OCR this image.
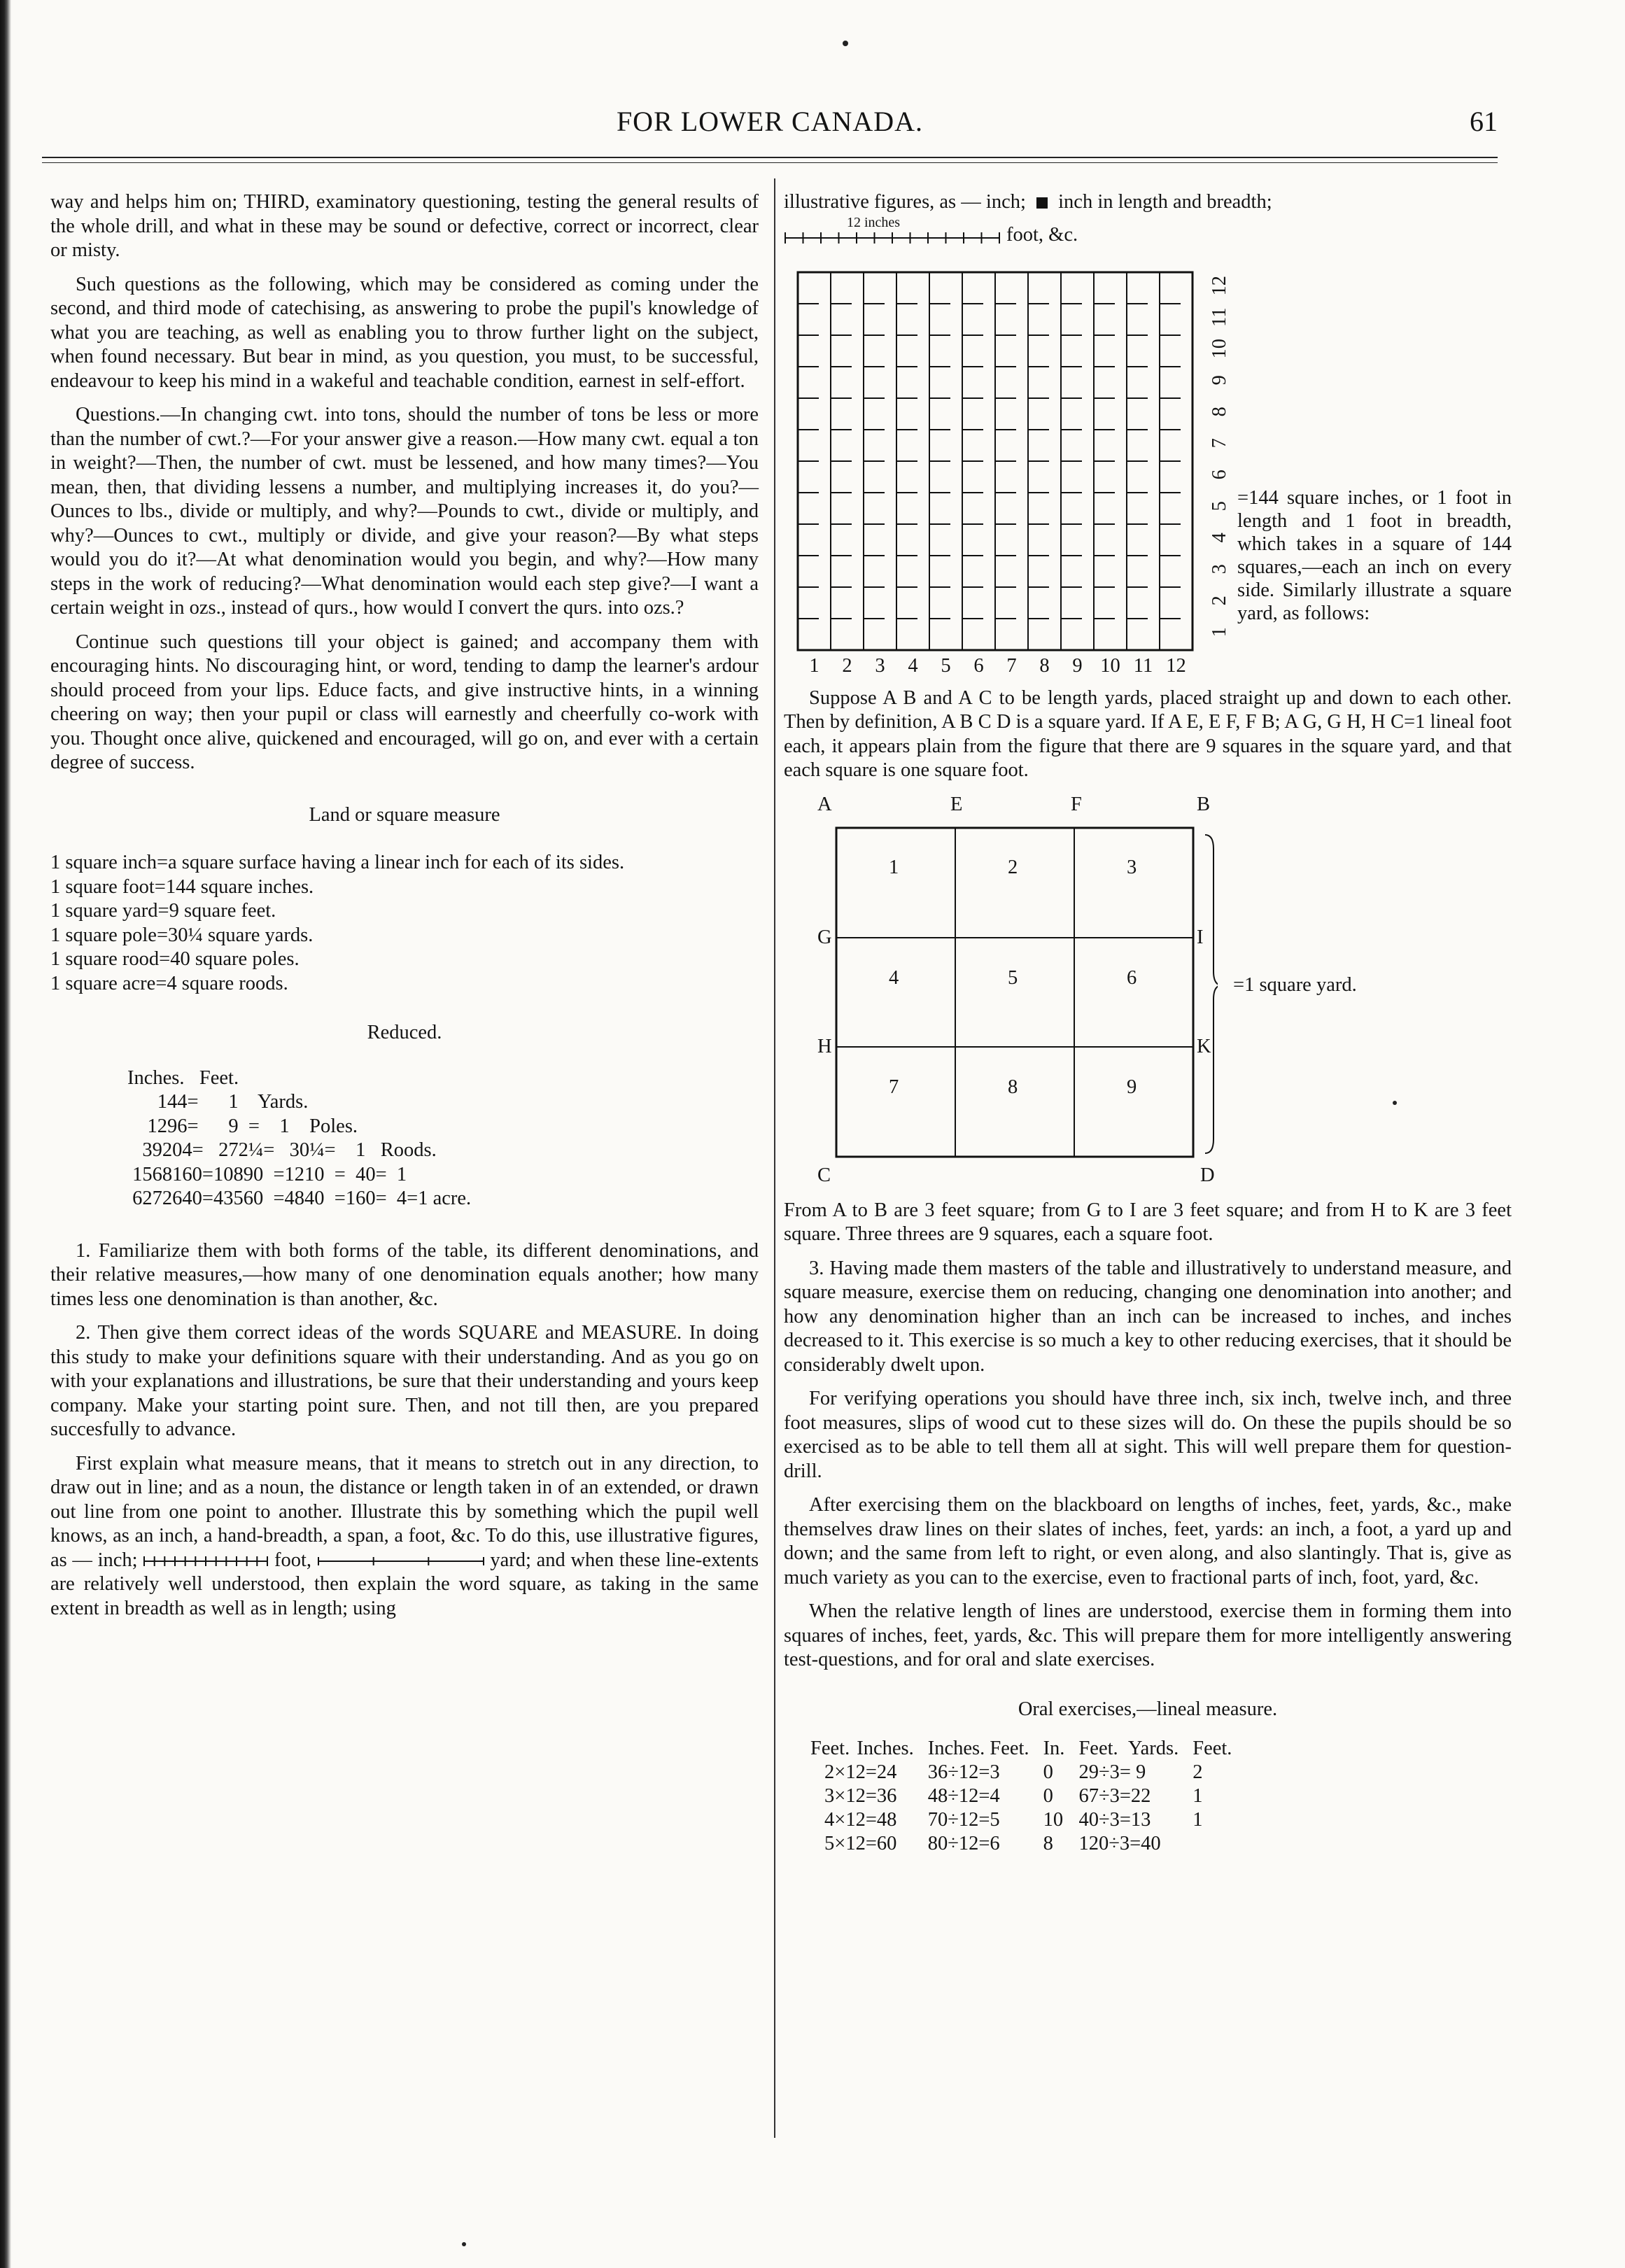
FOR LOWER CANADA.	61

way and helps him on; THIRD, examinatory questioning, testing the general results of the whole drill, and what in these may be sound or defective, correct or incorrect, clear or misty.

Such questions as the following, which may be considered as coming under the second, and third mode of catechising, as answering to probe the pupil's knowledge of what you are teaching, as well as enabling you to throw further light on the subject, when found necessary. But bear in mind, as you question, you must, to be successful, endeavour to keep his mind in a wakeful and teachable condition, earnest in self-effort.

Questions.—In changing cwt. into tons, should the number of tons be less or more than the number of cwt.?—For your answer give a reason.—How many cwt. equal a ton in weight?—Then, the number of cwt. must be lessened, and how many times?—You mean, then, that dividing lessens a number, and multiplying increases it, do you?—Ounces to lbs., divide or multiply, and why?—Pounds to cwt., divide or multiply, and why?—Ounces to cwt., multiply or divide, and give your reason?—By what steps would you do it?—At what denomination would you begin, and why?—How many steps in the work of reducing?—What denomination would each step give?—I want a certain weight in ozs., instead of qurs., how would I convert the qurs. into ozs.?

Continue such questions till your object is gained; and accompany them with encouraging hints. No discouraging hint, or word, tending to damp the learner's ardour should proceed from your lips. Educe facts, and give instructive hints, in a winning cheering on way; then your pupil or class will earnestly and cheerfully co-work with you. Thought once alive, quickened and encouraged, will go on, and ever with a certain degree of success.

Land or square measure

1 square inch=a square surface having a linear inch for each of its sides.
1 square foot=144 square inches.
1 square yard=9 square feet.
1 square pole=30¼ square yards.
1 square rood=40 square poles.
1 square acre=4 square roods.

Reduced.

Inches.   Feet.
144=      1    Yards.
1296=      9  =    1    Poles.
39204=   272¼=   30¼=    1   Roods.
1568160=10890  =1210  =  40=  1
6272640=43560  =4840  =160=  4=1 acre.

1. Familiarize them with both forms of the table, its different denominations, and their relative measures,—how many of one denomination equals another; how many times less one denomination is than another, &c.

2. Then give them correct ideas of the words SQUARE and MEASURE. In doing this study to make your definitions square with their understanding. And as you go on with your explanations and illustrations, be sure that their understanding and yours keep company. Make your starting point sure. Then, and not till then, are you prepared succesfully to advance.

First explain what measure means, that it means to stretch out in any direction, to draw out in line; and as a noun, the distance or length taken in of an extended, or drawn out line from one point to another. Illustrate this by something which the pupil well knows, as an inch, a hand-breadth, a span, a foot, &c. To do this, use illustrative figures, as — inch;	foot,	yard; and when these line-extents are relatively well understood, then explain the word square, as taking in the same extent in breadth as well as in length; using

illustrative figures, as — inch; inch in length and breadth;

12 inches
foot, &c.
1
2
3
4
5
6
7
8
9
10
11
12
1	2	3	4	5	6	7	8	9 10 11 12
=144 square inches, or 1 foot in length and 1 foot in breadth, which takes in a square of 144 squares,—each an inch on every side. Similarly illustrate a square yard, as follows:

Suppose A B and A C to be length yards, placed straight up and down to each other. Then by definition, A B C D is a square yard. If A E, E F, F B; A G, G H, H C=1 lineal foot each, it appears plain from the figure that there are 9 squares in the square yard, and that each square is one square foot.

A	E	F	B
G	I
H	K
C	D
1	2	3
4	5	6
7	8	9
=1 square yard.

From A to B are 3 feet square; from G to I are 3 feet square; and from H to K are 3 feet square. Three threes are 9 squares, each a square foot.

3. Having made them masters of the table and illustratively to understand measure, and square measure, exercise them on reducing, changing one denomination into another; and how any denomination higher than an inch can be increased to inches, and inches decreased to it. This exercise is so much a key to other reducing exercises, that it should be considerably dwelt upon.

For verifying operations you should have three inch, six inch, twelve inch, and three foot measures, slips of wood cut to these sizes will do. On these the pupils should be so exercised as to be able to tell them all at sight. This will well prepare them for question-drill.

After exercising them on the blackboard on lengths of inches, feet, yards, &c., make themselves draw lines on their slates of inches, feet, yards: an inch, a foot, a yard up and down; and the same from left to right, or even along, and also slantingly. That is, give as much variety as you can to the exercise, even to fractional parts of inch, foot, yard, &c.

When the relative length of lines are understood, exercise them in forming them into squares of inches, feet, yards, &c. This will prepare them for more intelligently answering test-questions, and for oral and slate exercises.

Oral exercises,—lineal measure.

Feet.	Inches.	Inches. Feet.	In.	Feet. Yards.	Feet.
2×12=24		36÷12=3	0	29÷3= 9	2
3×12=36		48÷12=4	0	67÷3=22	1
4×12=48		70÷12=5	10	40÷3=13	1
5×12=60		80÷12=6	8	120÷3=40	
